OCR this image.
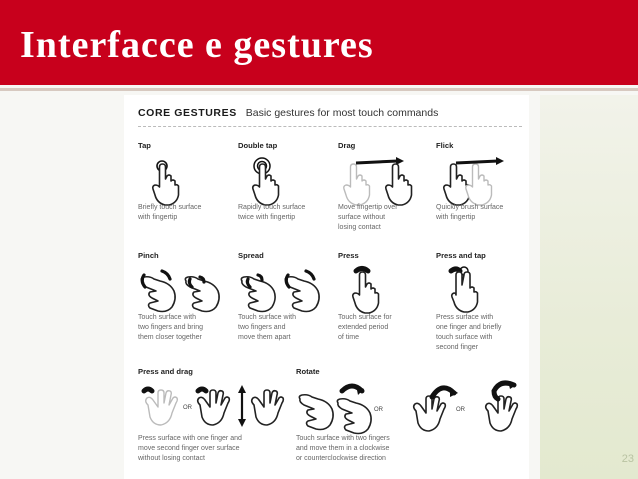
Interfacce e gestures
23
CORE GESTURES Basic gestures for most touch commands
Tap
Briefly touch surface
with fingertip
Double tap
Rapidly touch surface
twice with fingertip
Drag
Move fingertip over
surface without
losing contact
Flick
Quickly brush surface
with fingertip
Pinch
Touch surface with
two fingers and bring
them closer together
Spread
Touch surface with
two fingers and
move them apart
Press
Touch surface for
extended period
of time
Press and tap
Press surface with
one finger and briefly
touch surface with
second finger
Press and drag
OR
Press surface with one finger and
move second finger over surface
without losing contact
Rotate
OR	OR
Touch surface with two fingers
and move them in a clockwise
or counterclockwise direction
